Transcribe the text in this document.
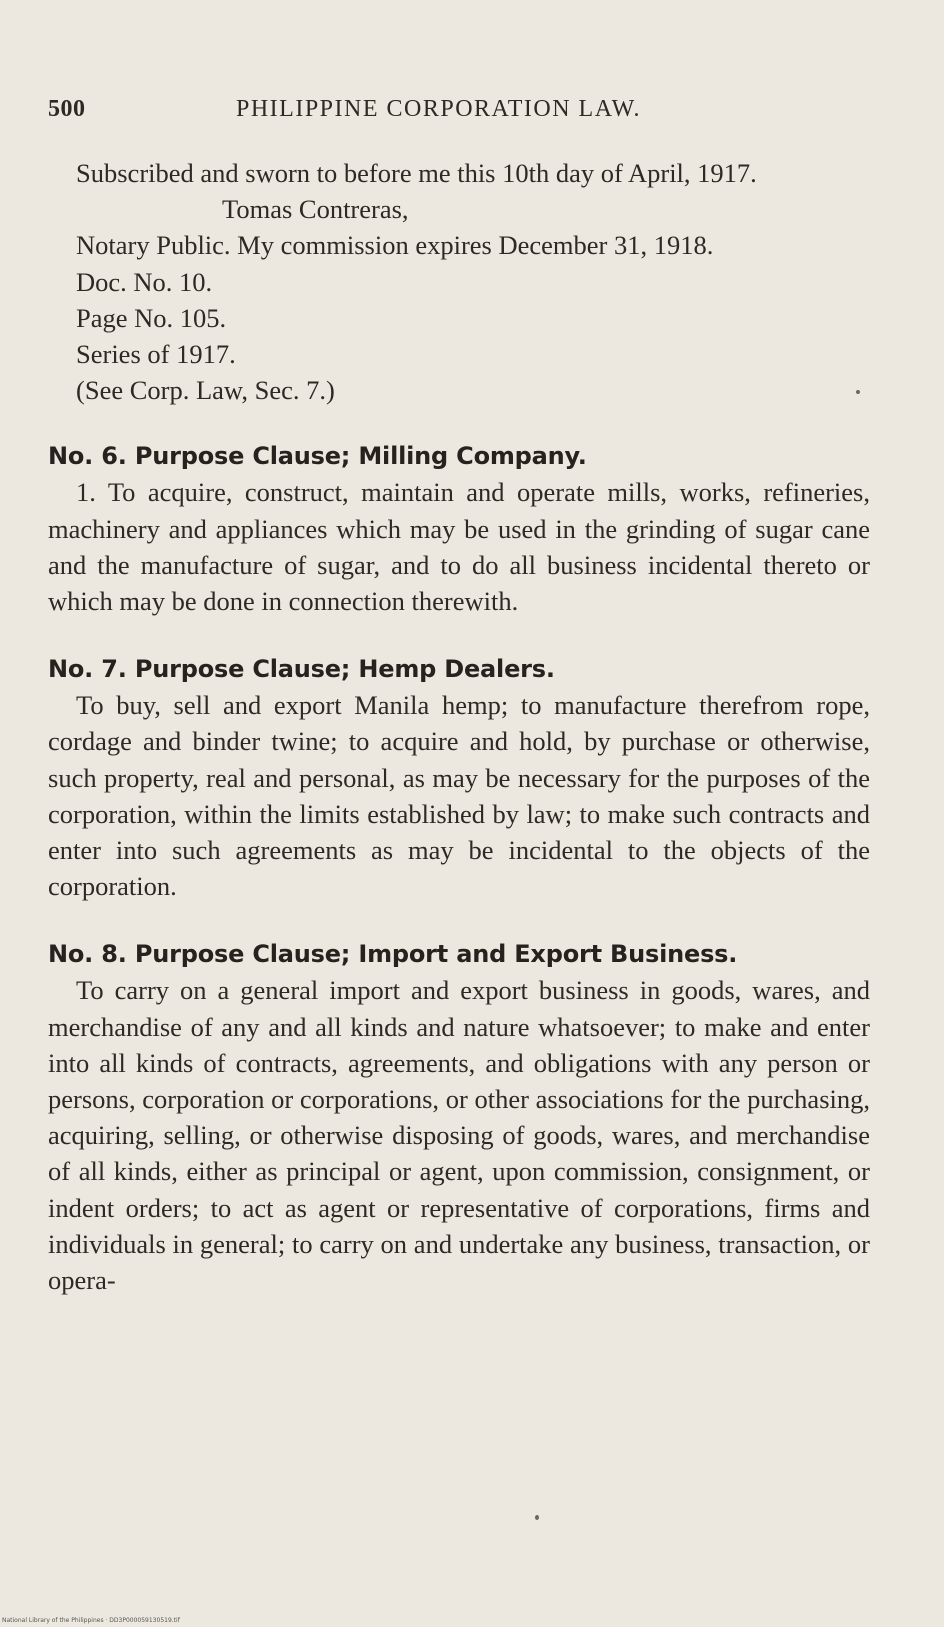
500	PHILIPPINE CORPORATION LAW.

Subscribed and sworn to before me this 10th day of April, 1917.

Tomas Contreras,

Notary Public. My commission expires December 31, 1918.

Doc. No. 10.

Page No. 105.

Series of 1917.

(See Corp. Law, Sec. 7.)

No. 6. Purpose Clause; Milling Company.

1. To acquire, construct, maintain and operate mills, works, refineries, machinery and appliances which may be used in the grinding of sugar cane and the manufacture of sugar, and to do all business incidental thereto or which may be done in connection therewith.

No. 7. Purpose Clause; Hemp Dealers.

To buy, sell and export Manila hemp; to manufacture therefrom rope, cordage and binder twine; to acquire and hold, by purchase or otherwise, such property, real and personal, as may be necessary for the purposes of the corporation, within the limits established by law; to make such contracts and enter into such agreements as may be incidental to the objects of the corporation.

No. 8. Purpose Clause; Import and Export Business.

To carry on a general import and export business in goods, wares, and merchandise of any and all kinds and nature whatsoever; to make and enter into all kinds of contracts, agreements, and obligations with any person or persons, corporation or corporations, or other associations for the purchasing, acquiring, selling, or otherwise disposing of goods, wares, and merchandise of all kinds, either as principal or agent, upon commission, consignment, or indent orders; to act as agent or representative of corporations, firms and individuals in general; to carry on and undertake any business, transaction, or opera-

National Library of the Philippines · DD3P000059130519.tif
